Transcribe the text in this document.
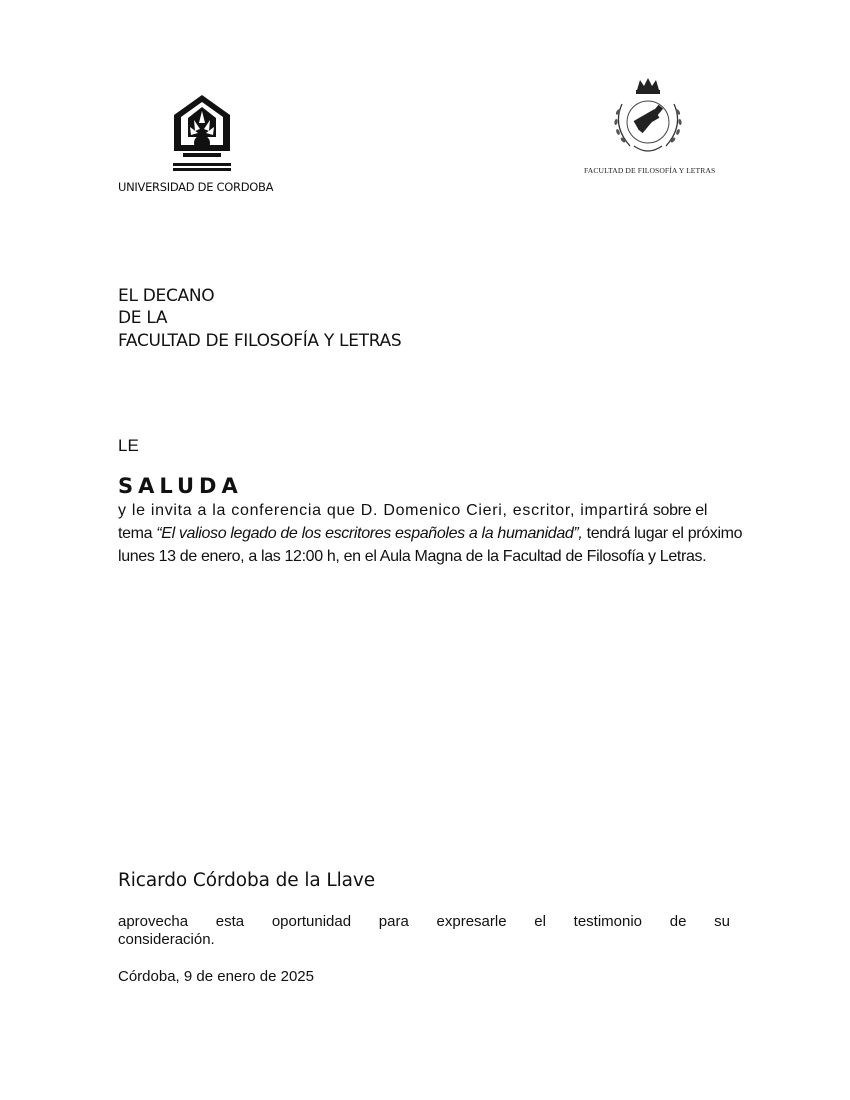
UNIVERSIDAD DE CORDOBA
FACULTAD DE FILOSOFÍA Y LETRAS
EL DECANO
DE LA
FACULTAD DE FILOSOFÍA Y LETRAS
LE
SALUDA
y le invita a la conferencia que D. Domenico Cieri, escritor, impartirá sobre el
tema “El valioso legado de los escritores españoles a la humanidad”, tendrá lugar el próximo
lunes 13 de enero, a las 12:00 h, en el Aula Magna de la Facultad de Filosofía y Letras.
Ricardo Córdoba de la Llave
aprovecha esta oportunidad para expresarle el testimonio de su
consideración.
Córdoba, 9 de enero de 2025
